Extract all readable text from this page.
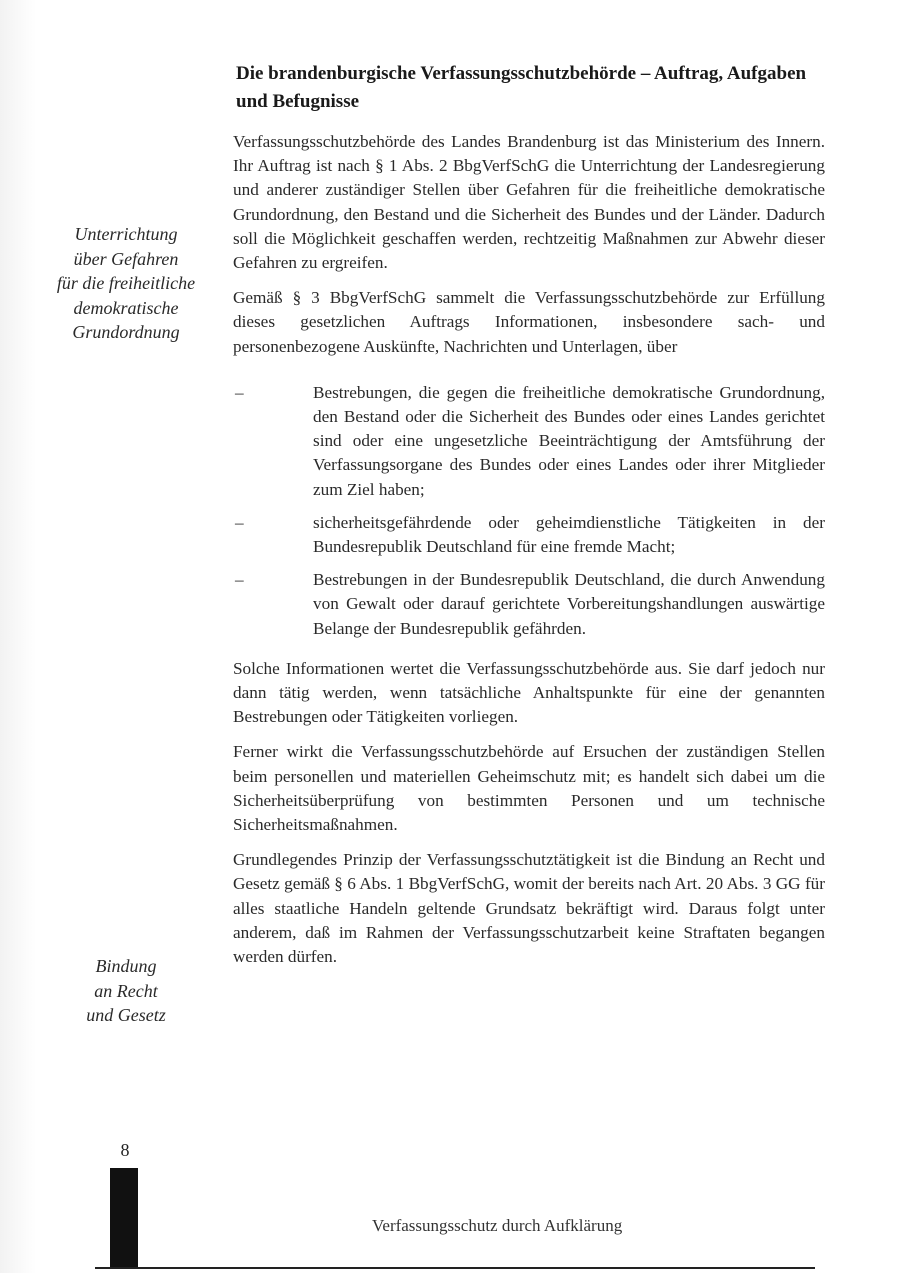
Die brandenburgische Verfassungsschutzbehörde – Auftrag, Aufgaben und Befugnisse
Unterrichtung
über Gefahren
für die freiheitliche
demokratische
Grundordnung
Bindung
an Recht
und Gesetz

Verfassungsschutzbehörde des Landes Brandenburg ist das Ministerium des Innern. Ihr Auftrag ist nach § 1 Abs. 2 BbgVerfSchG die Unterrichtung der Landesregierung und anderer zuständiger Stellen über Gefahren für die freiheitliche demokratische Grundordnung, den Bestand und die Sicherheit des Bundes und der Länder. Dadurch soll die Möglichkeit geschaffen werden, rechtzeitig Maßnahmen zur Abwehr dieser Gefahren zu ergreifen.

Gemäß § 3 BbgVerfSchG sammelt die Verfassungsschutzbehörde zur Erfüllung dieses gesetzlichen Auftrags Informationen, insbesondere sach- und personenbezogene Auskünfte, Nachrichten und Unterlagen, über

–	Bestrebungen, die gegen die freiheitliche demokratische Grundordnung, den Bestand oder die Sicherheit des Bundes oder eines Landes gerichtet sind oder eine ungesetzliche Beeinträchtigung der Amtsführung der Verfassungsorgane des Bundes oder eines Landes oder ihrer Mitglieder zum Ziel haben;
–	sicherheitsgefährdende oder geheimdienstliche Tätigkeiten in der Bundesrepublik Deutschland für eine fremde Macht;
–	Bestrebungen in der Bundesrepublik Deutschland, die durch Anwendung von Gewalt oder darauf gerichtete Vorbereitungshandlungen auswärtige Belange der Bundesrepublik gefährden.

Solche Informationen wertet die Verfassungsschutzbehörde aus. Sie darf jedoch nur dann tätig werden, wenn tatsächliche Anhaltspunkte für eine der genannten Bestrebungen oder Tätigkeiten vorliegen.

Ferner wirkt die Verfassungsschutzbehörde auf Ersuchen der zuständigen Stellen beim personellen und materiellen Geheimschutz mit; es handelt sich dabei um die Sicherheitsüberprüfung von bestimmten Personen und um technische Sicherheitsmaßnahmen.

Grundlegendes Prinzip der Verfassungsschutztätigkeit ist die Bindung an Recht und Gesetz gemäß § 6 Abs. 1 BbgVerfSchG, womit der bereits nach Art. 20 Abs. 3 GG für alles staatliche Handeln geltende Grundsatz bekräftigt wird. Daraus folgt unter anderem, daß im Rahmen der Verfassungsschutzarbeit keine Straftaten begangen werden dürfen.

8
Verfassungsschutz durch Aufklärung
